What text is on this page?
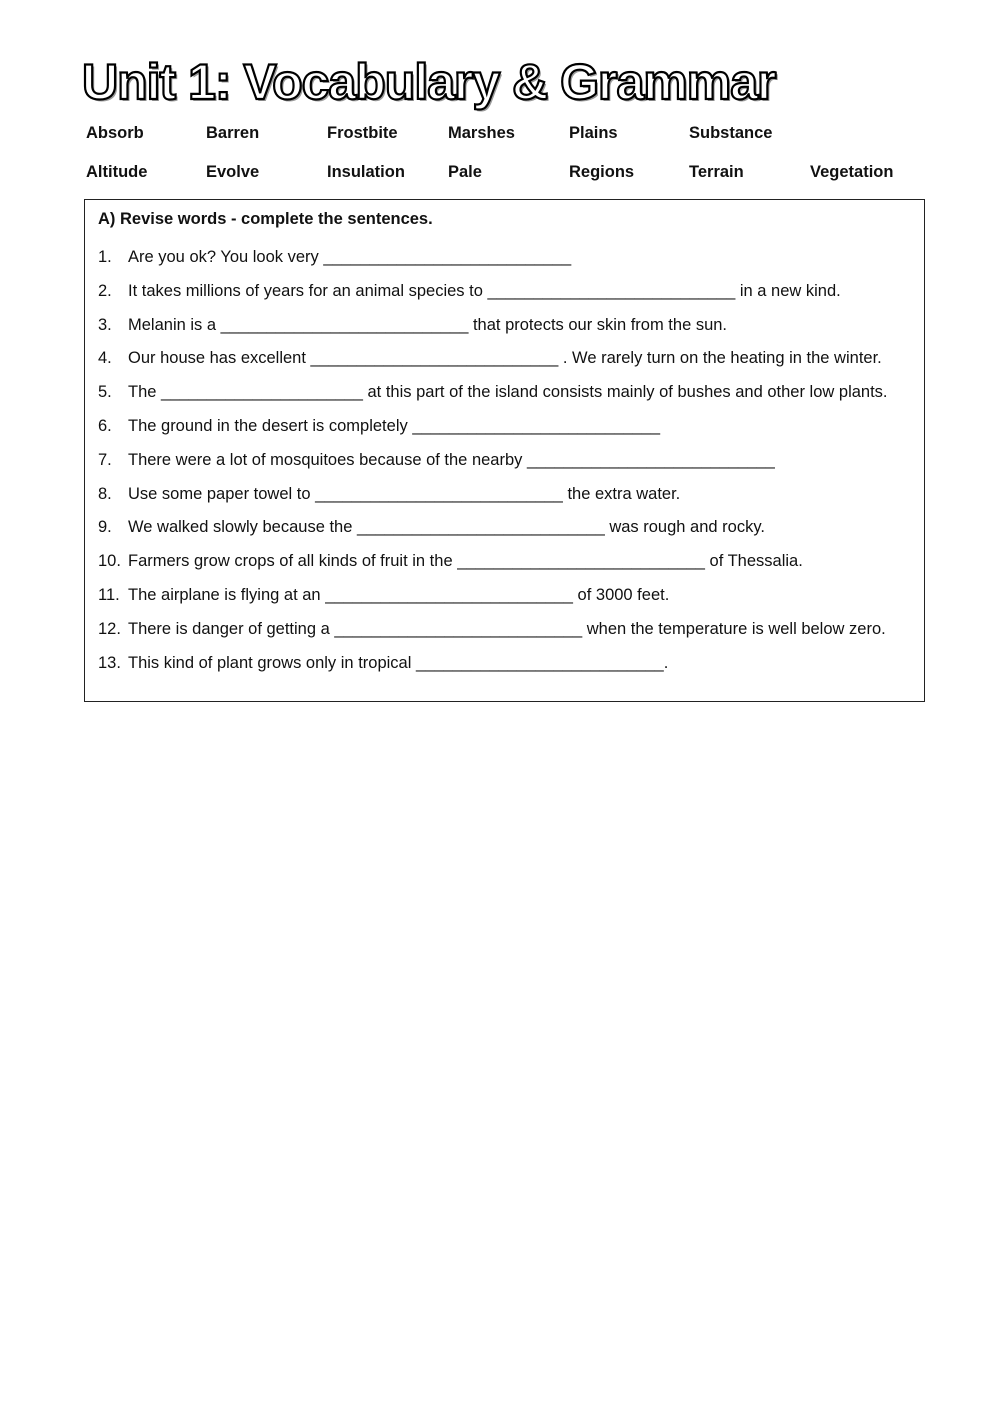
Unit 1: Vocabulary & Grammar
Absorb	Barren	Frostbite	Marshes	Plains	Substance
Altitude	Evolve	Insulation	Pale	Regions	Terrain	Vegetation
A) Revise words - complete the sentences.
1. Are you ok? You look very ___________________________
2. It takes millions of years for an animal species to ___________________________ in a new kind.
3. Melanin is a ___________________________ that protects our skin from the sun.
4. Our house has excellent ___________________________ . We rarely turn on the heating in the winter.
5. The ______________________ at this part of the island consists mainly of bushes and other low plants.
6. The ground in the desert is completely ___________________________
7. There were a lot of mosquitoes because of the nearby ___________________________
8. Use some paper towel to ___________________________ the extra water.
9. We walked slowly because the ___________________________ was rough and rocky.
10. Farmers grow crops of all kinds of fruit in the ___________________________ of Thessalia.
11. The airplane is flying at an ___________________________ of 3000 feet.
12. There is danger of getting a ___________________________ when the temperature is well below zero.
13. This kind of plant grows only in tropical ___________________________.
